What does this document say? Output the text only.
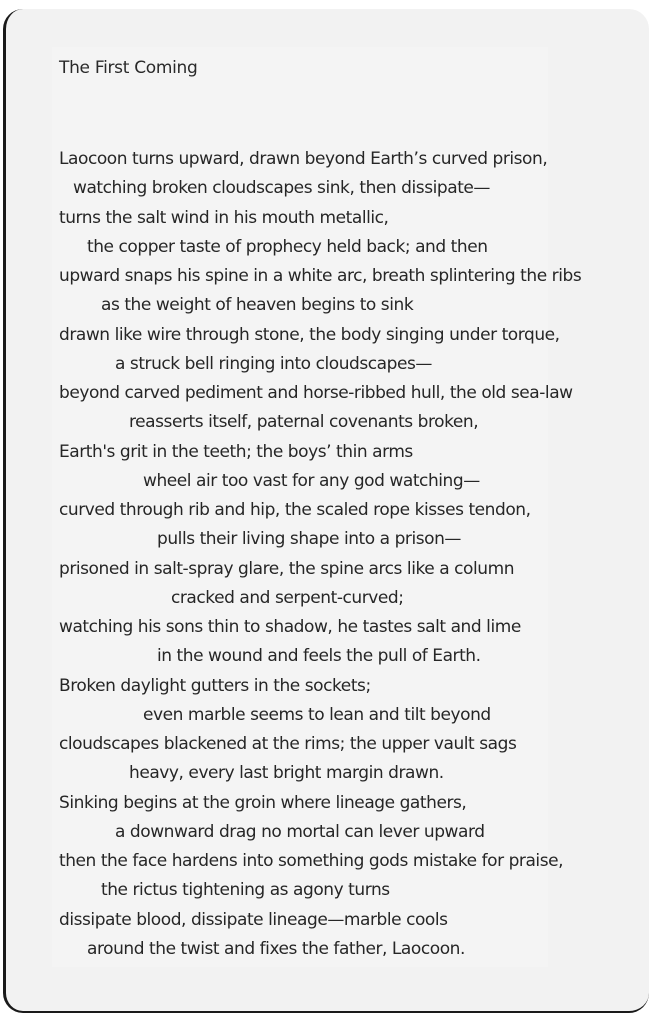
The First Coming
Laocoon turns upward, drawn beyond Earth’s curved prison,
watching broken cloudscapes sink, then dissipate—
turns the salt wind in his mouth metallic,
the copper taste of prophecy held back; and then
upward snaps his spine in a white arc, breath splintering the ribs
as the weight of heaven begins to sink
drawn like wire through stone, the body singing under torque,
a struck bell ringing into cloudscapes—
beyond carved pediment and horse-ribbed hull, the old sea-law
reasserts itself, paternal covenants broken,
Earth's grit in the teeth; the boys’ thin arms
wheel air too vast for any god watching—
curved through rib and hip, the scaled rope kisses tendon,
pulls their living shape into a prison—
prisoned in salt-spray glare, the spine arcs like a column
cracked and serpent-curved;
watching his sons thin to shadow, he tastes salt and lime
in the wound and feels the pull of Earth.
Broken daylight gutters in the sockets;
even marble seems to lean and tilt beyond
cloudscapes blackened at the rims; the upper vault sags
heavy, every last bright margin drawn.
Sinking begins at the groin where lineage gathers,
a downward drag no mortal can lever upward
then the face hardens into something gods mistake for praise,
the rictus tightening as agony turns
dissipate blood, dissipate lineage—marble cools
around the twist and fixes the father, Laocoon.
